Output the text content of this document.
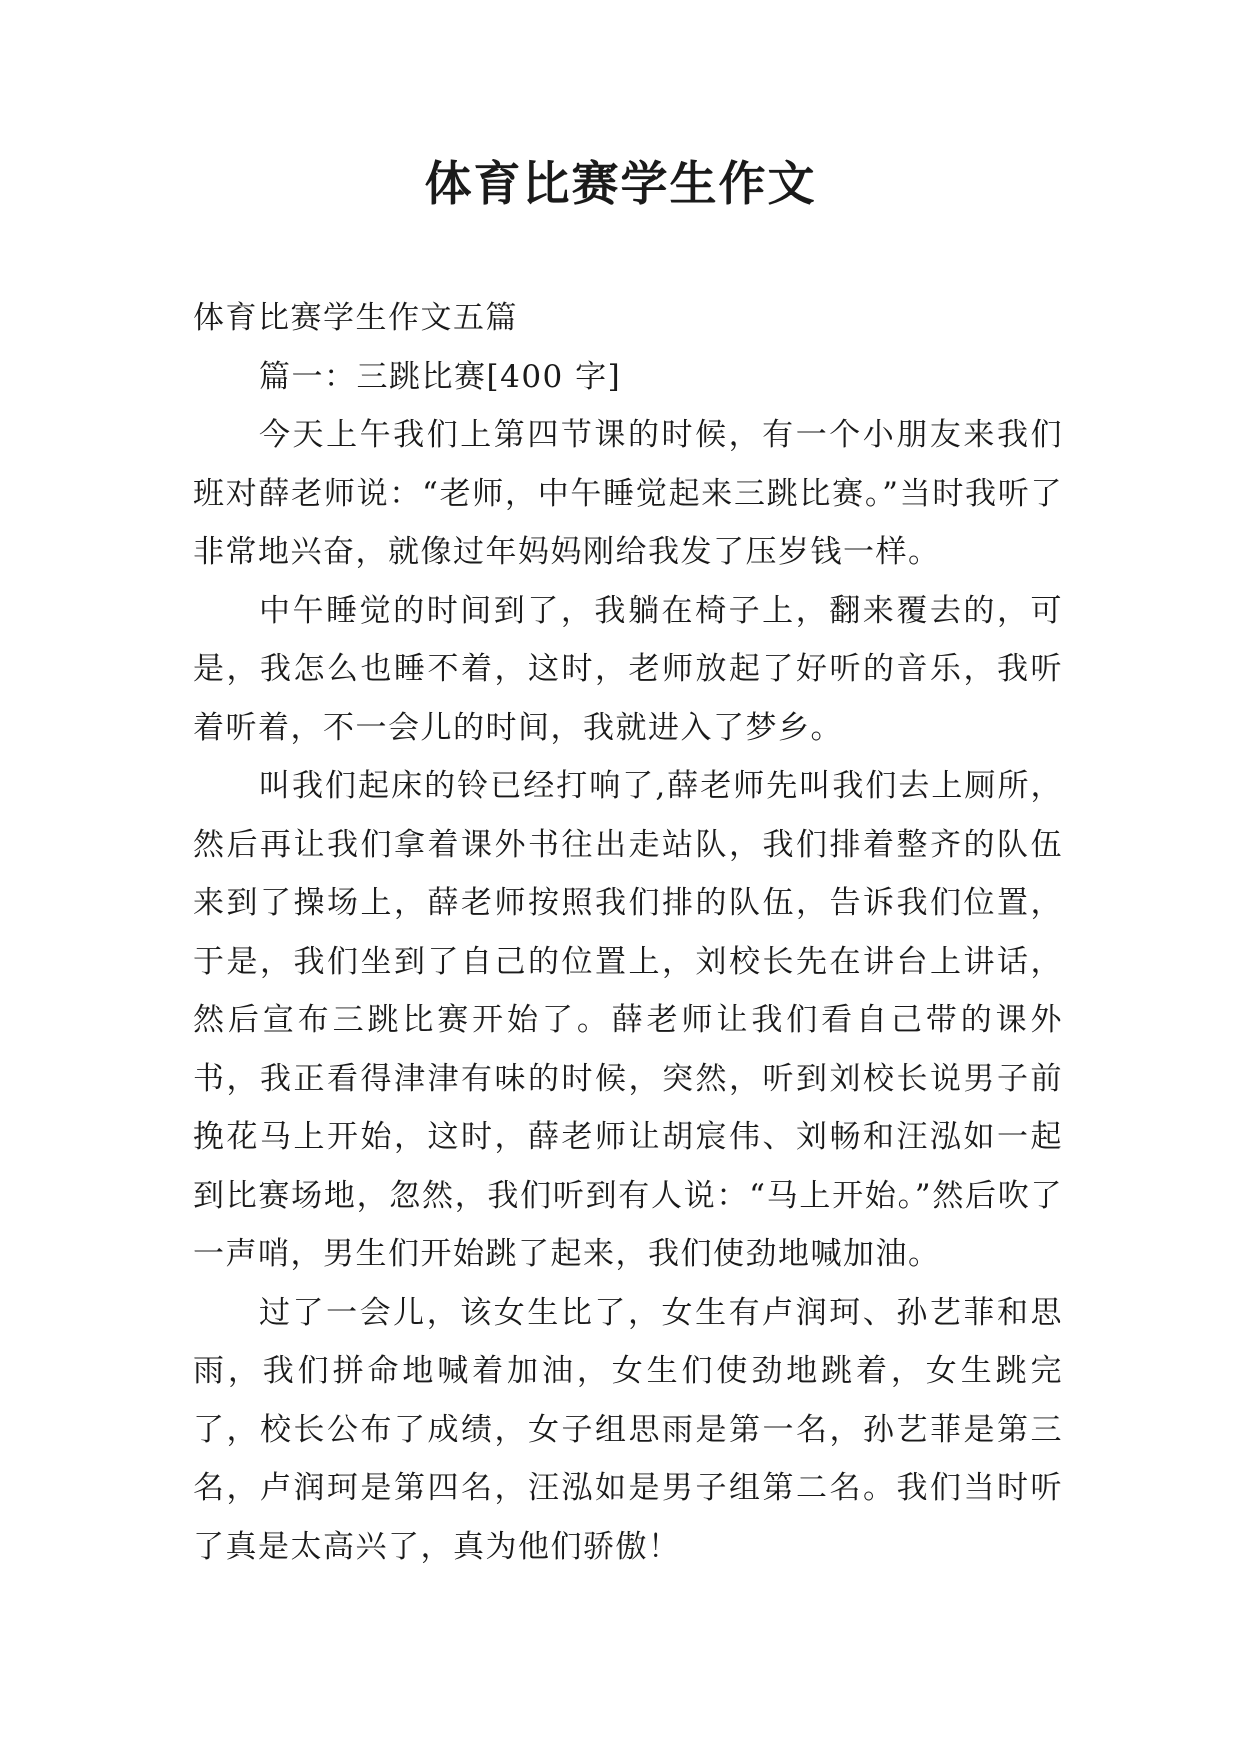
体育比赛学生作文

体育比赛学生作文五篇

篇一：三跳比赛[400 字]

今天上午我们上第四节课的时候，有一个小朋友来我们班对薛老师说：“老师，中午睡觉起来三跳比赛。”当时我听了非常地兴奋，就像过年妈妈刚给我发了压岁钱一样。

中午睡觉的时间到了，我躺在椅子上，翻来覆去的，可是，我怎么也睡不着，这时，老师放起了好听的音乐，我听着听着，不一会儿的时间，我就进入了梦乡。

叫我们起床的铃已经打响了,薛老师先叫我们去上厕所，然后再让我们拿着课外书往出走站队，我们排着整齐的队伍来到了操场上，薛老师按照我们排的队伍，告诉我们位置，于是，我们坐到了自己的位置上，刘校长先在讲台上讲话，然后宣布三跳比赛开始了。薛老师让我们看自己带的课外书，我正看得津津有味的时候，突然，听到刘校长说男子前挽花马上开始，这时，薛老师让胡宸伟、刘畅和汪泓如一起到比赛场地，忽然，我们听到有人说：“马上开始。”然后吹了一声哨，男生们开始跳了起来，我们使劲地喊加油。

过了一会儿，该女生比了，女生有卢润珂、孙艺菲和思雨，我们拼命地喊着加油，女生们使劲地跳着，女生跳完了，校长公布了成绩，女子组思雨是第一名，孙艺菲是第三名，卢润珂是第四名，汪泓如是男子组第二名。我们当时听了真是太高兴了，真为他们骄傲！
